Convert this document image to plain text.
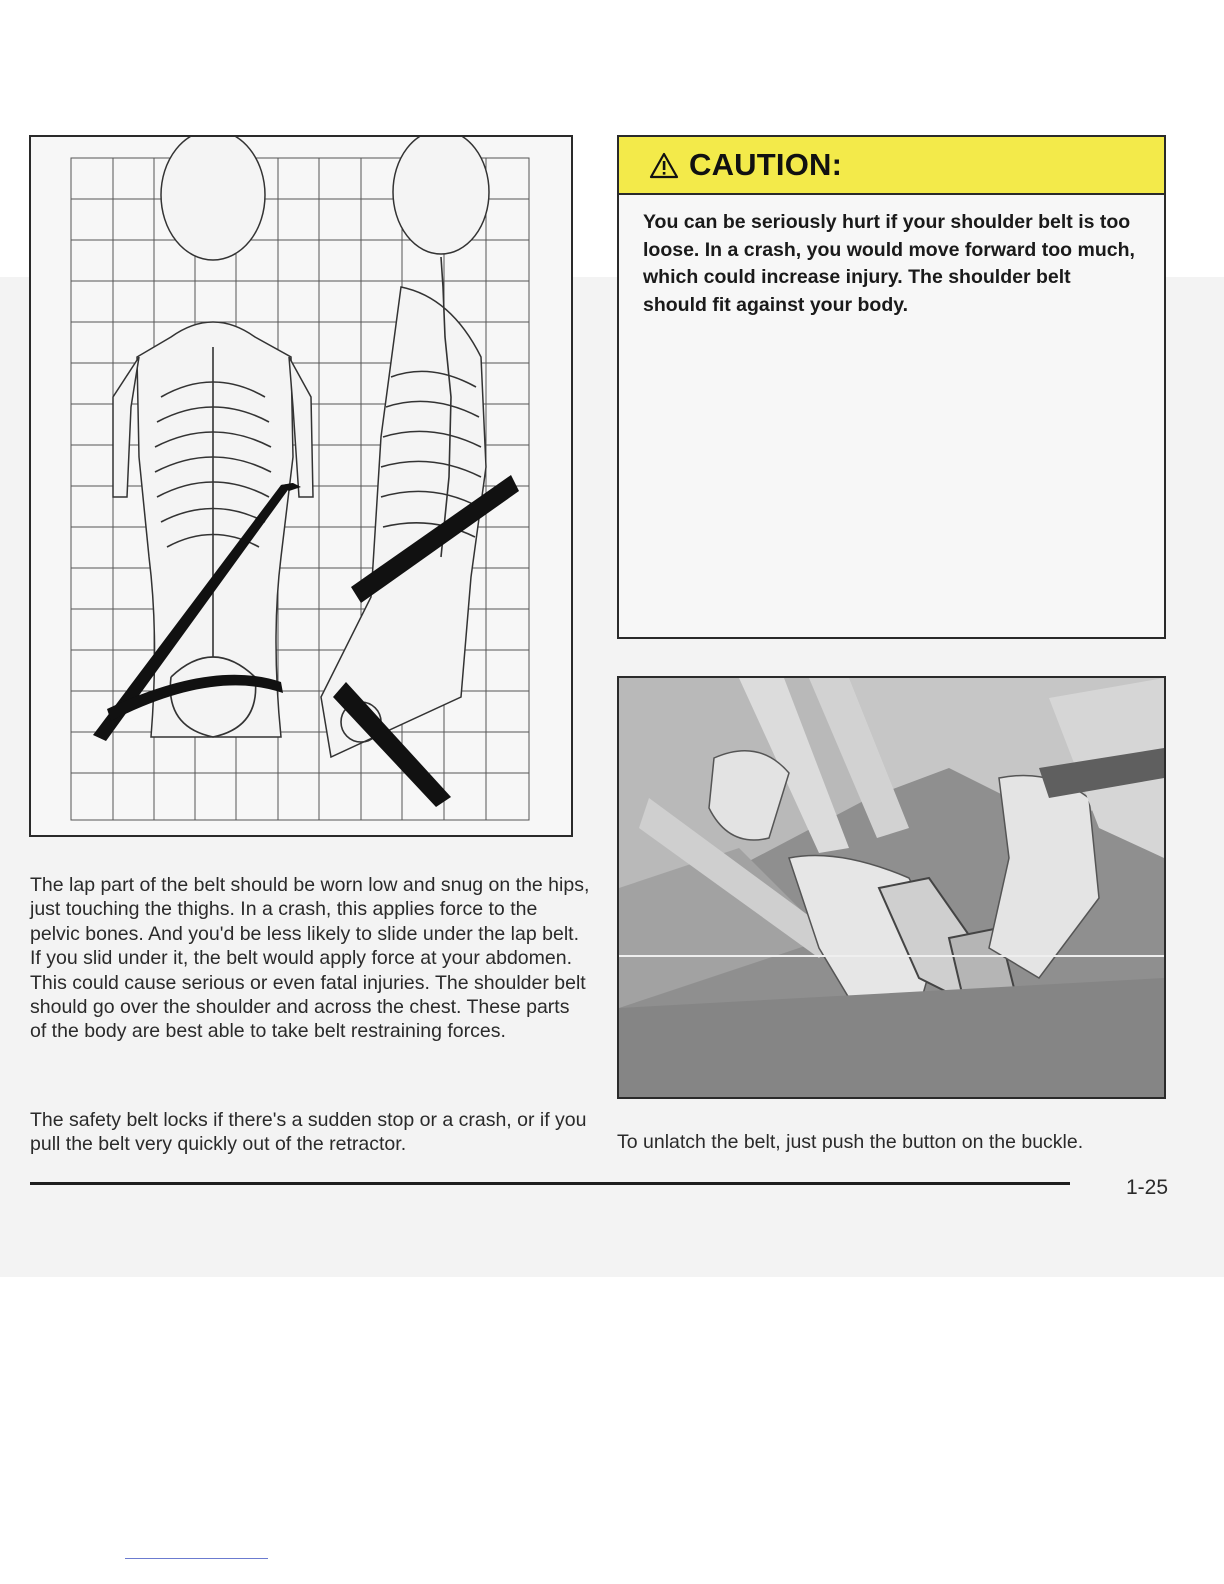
The lap part of the belt should be worn low and snug on the hips, just touching the thighs. In a crash, this applies force to the pelvic bones. And you'd be less likely to slide under the lap belt. If you slid under it, the belt would apply force at your abdomen. This could cause serious or even fatal injuries. The shoulder belt should go over the shoulder and across the chest. These parts of the body are best able to take belt restraining forces.

The safety belt locks if there's a sudden stop or a crash, or if you pull the belt very quickly out of the retractor.

CAUTION:

You can be seriously hurt if your shoulder belt is too loose. In a crash, you would move forward too much, which could increase injury. The shoulder belt should fit against your body.

To unlatch the belt, just push the button on the buckle.

1-25
